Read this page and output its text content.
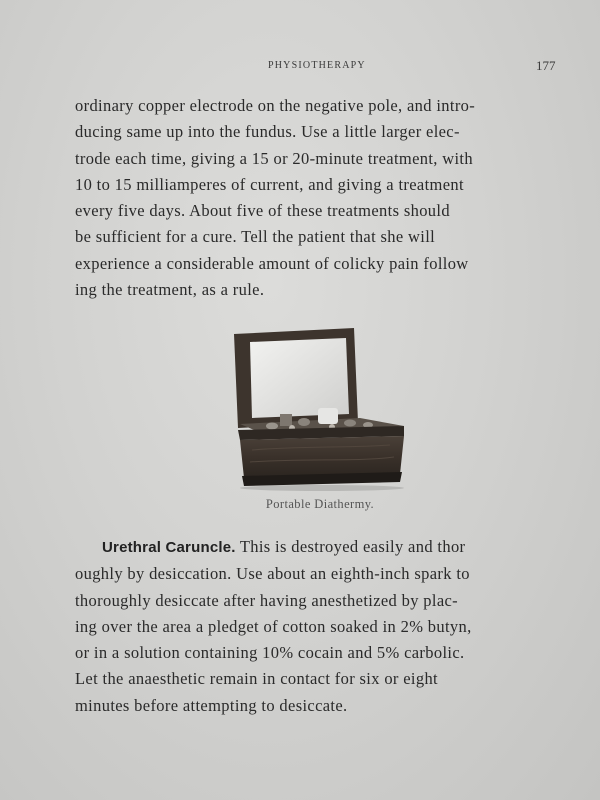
PHYSIOTHERAPY	177

ordinary copper electrode on the negative pole, and intro-
ducing same up into the fundus. Use a little larger elec-
trode each time, giving a 15 or 20-minute treatment, with
10 to 15 milliamperes of current, and giving a treatment
every five days. About five of these treatments should
be sufficient for a cure. Tell the patient that she will
experience a considerable amount of colicky pain follow
ing the treatment, as a rule.

Portable Diathermy.

Urethral Caruncle. This is destroyed easily and thor
oughly by desiccation. Use about an eighth-inch spark to
thoroughly desiccate after having anesthetized by plac-
ing over the area a pledget of cotton soaked in 2% butyn,
or in a solution containing 10% cocain and 5% carbolic.
Let the anaesthetic remain in contact for six or eight
minutes before attempting to desiccate.
